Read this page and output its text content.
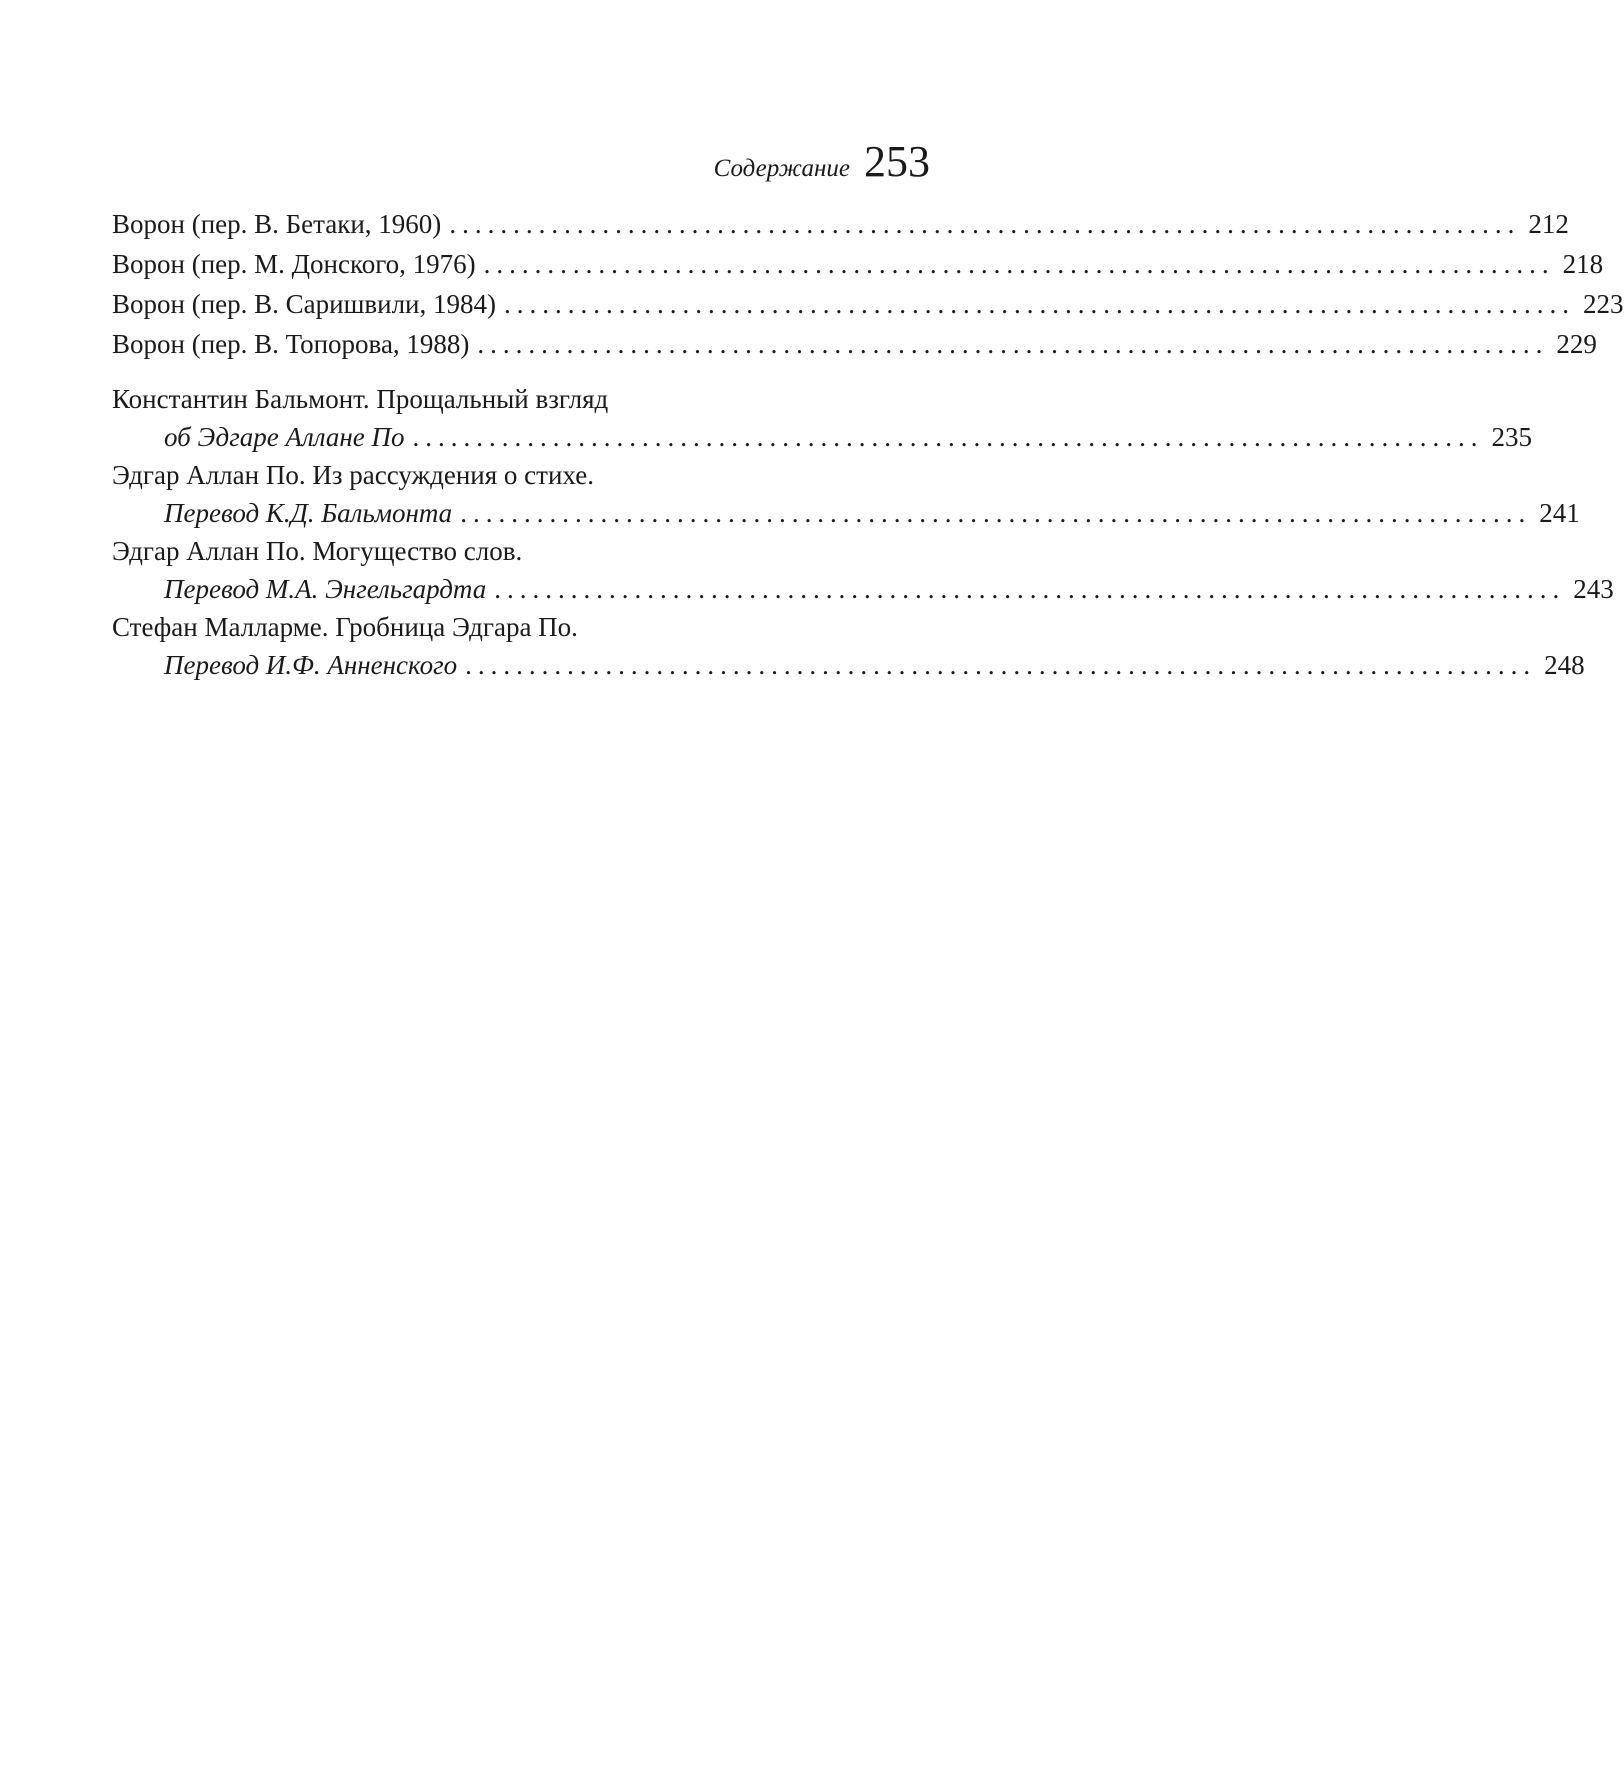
Содержание 253
Ворон (пер. В. Бетаки, 1960) .................................................................................... 212
Ворон (пер. М. Донского, 1976) .................................................................................... 218
Ворон (пер. В. Саришвили, 1984) .................................................................................... 223
Ворон (пер. В. Топорова, 1988) .................................................................................... 229
Константин Бальмонт. Прощальный взгляд
об Эдгаре Аллане По .................................................................................... 235
Эдгар Аллан По. Из рассуждения о стихе.
Перевод К.Д. Бальмонта .................................................................................... 241
Эдгар Аллан По. Могущество слов.
Перевод М.А. Энгельгардта .................................................................................... 243
Стефан Малларме. Гробница Эдгара По.
Перевод И.Ф. Анненского .................................................................................... 248
